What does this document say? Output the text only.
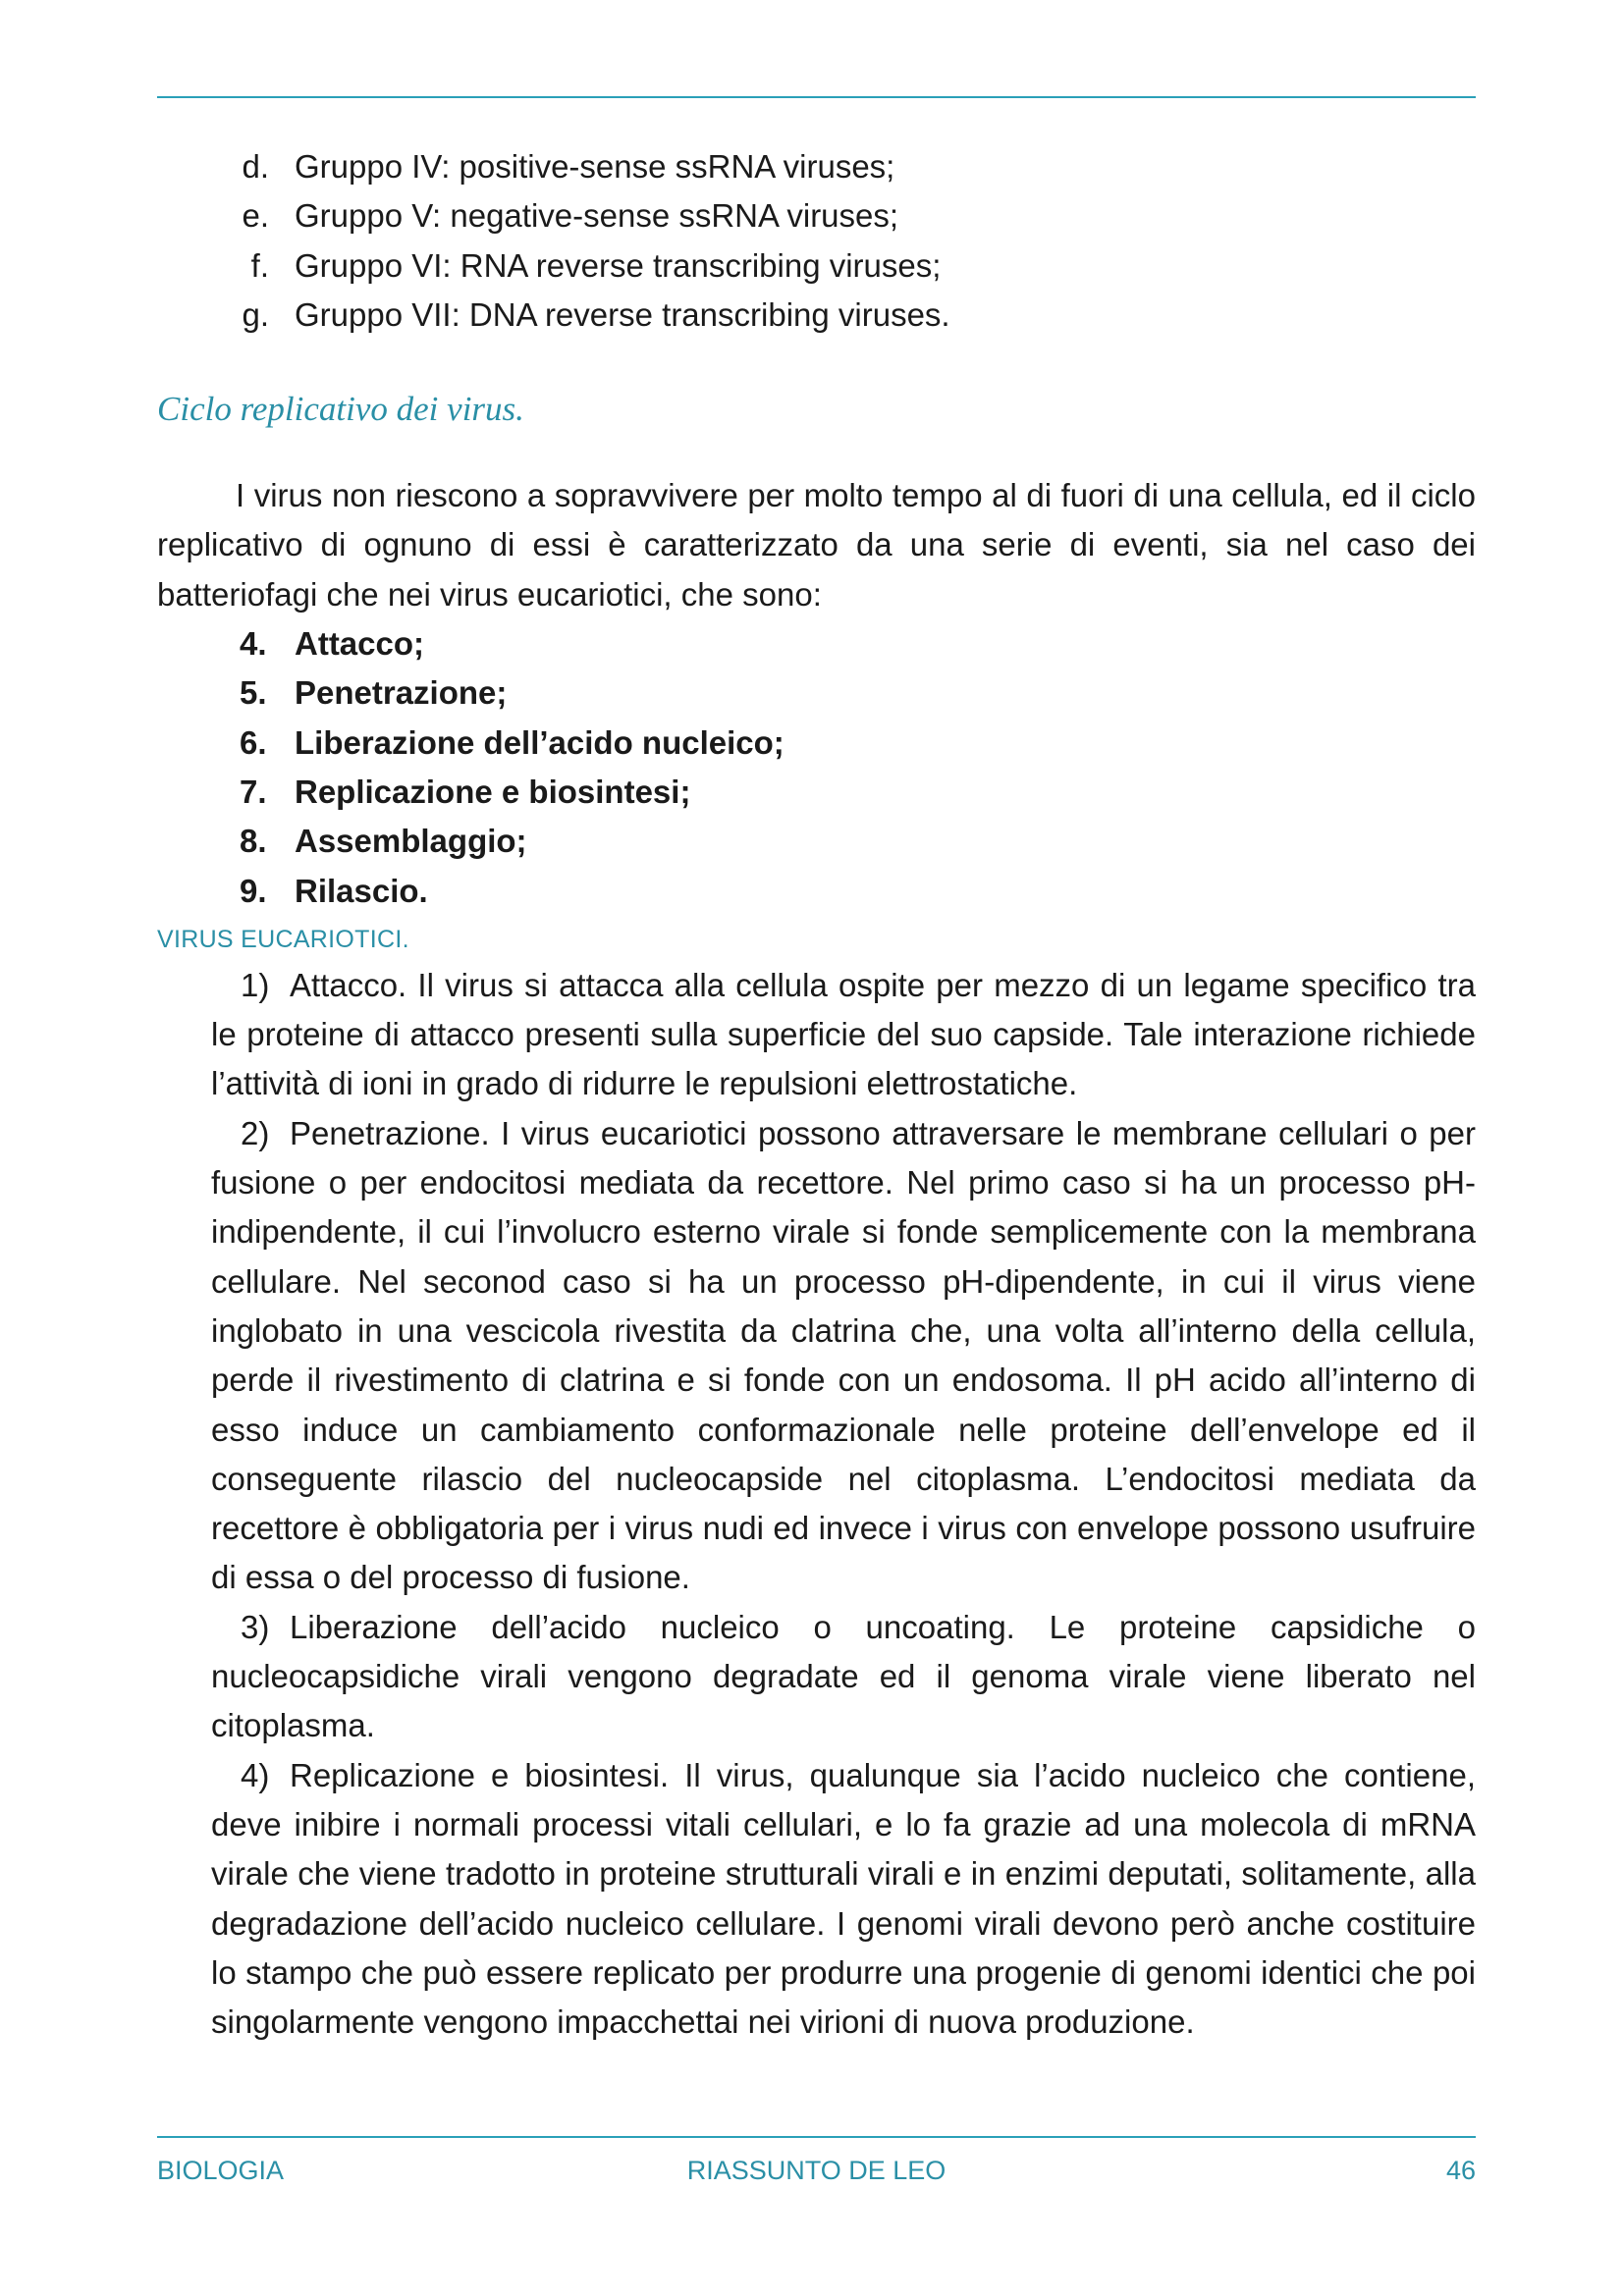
d. Gruppo IV: positive-sense ssRNA viruses;
e. Gruppo V: negative-sense ssRNA viruses;
f. Gruppo VI: RNA reverse transcribing viruses;
g. Gruppo VII: DNA reverse transcribing viruses.
Ciclo replicativo dei virus.

I virus non riescono a sopravvivere per molto tempo al di fuori di una cellula, ed il ciclo replicativo di ognuno di essi è caratterizzato da una serie di eventi, sia nel caso dei batteriofagi che nei virus eucariotici, che sono:

4. Attacco;
5. Penetrazione;
6. Liberazione dell’acido nucleico;
7. Replicazione e biosintesi;
8. Assemblaggio;
9. Rilascio.
VIRUS EUCARIOTICI.

1) Attacco. Il virus si attacca alla cellula ospite per mezzo di un legame specifico tra le proteine di attacco presenti sulla superficie del suo capside. Tale interazione richiede l’attività di ioni in grado di ridurre le repulsioni elettrostatiche.

2) Penetrazione. I virus eucariotici possono attraversare le membrane cellulari o per fusione o per endocitosi mediata da recettore. Nel primo caso si ha un processo pH-indipendente, il cui l’involucro esterno virale si fonde semplicemente con la membrana cellulare. Nel seconod caso si ha un processo pH-dipendente, in cui il virus viene inglobato in una vescicola rivestita da clatrina che, una volta all’interno della cellula, perde il rivestimento di clatrina e si fonde con un endosoma. Il pH acido all’interno di esso induce un cambiamento conformazionale nelle proteine dell’envelope ed il conseguente rilascio del nucleocapside nel citoplasma. L’endocitosi mediata da recettore è obbligatoria per i virus nudi ed invece i virus con envelope possono usufruire di essa o del processo di fusione.

3) Liberazione dell’acido nucleico o uncoating. Le proteine capsidiche o nucleocapsidiche virali vengono degradate ed il genoma virale viene liberato nel citoplasma.

4) Replicazione e biosintesi. Il virus, qualunque sia l’acido nucleico che contiene, deve inibire i normali processi vitali cellulari, e lo fa grazie ad una molecola di mRNA virale che viene tradotto in proteine strutturali virali e in enzimi deputati, solitamente, alla degradazione dell’acido nucleico cellulare. I genomi virali devono però anche costituire lo stampo che può essere replicato per produrre una progenie di genomi identici che poi singolarmente vengono impacchettai nei virioni di nuova produzione.

BIOLOGIA	RIASSUNTO DE LEO	46
